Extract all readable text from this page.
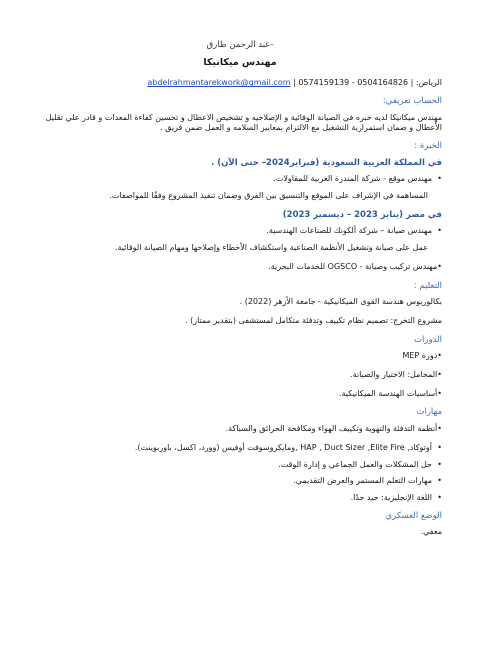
-عبد الرحمن طارق
مهندس ميكانيكا
الرياض: | 0504164826 - 0574159139 | abdelrahmantarekwork@gmail.com
الحساب تعريفي:
مهندس ميكانيكا لديه خبره في الصيانة الوقائية و الإصلاحيه و تشخيص الاعطال و تحسين كفاءة المعدات و قادر علي تقليل الأعطال و ضمان استمرارية التشغيل مع الالتزام بمعايير السلامه و العمل ضمن فريق .
الخبرة :
في المملكة العربية السعودية (فبراير2024– حتى الآن) .
•
مهندس موقع - شركة المندرة العربية للمقاولات.
المساهمة في الإشراف على الموقع والتنسيق بين الفرق وضمان تنفيذ المشروع وفقًا للمواصفات.
في مصر (يناير 2023 – ديسمبر 2023)
•
مهندس صيانة – شركة ألكونك للصناعات الهندسية.
عمل على صيانة وتشغيل الأنظمة الصناعية واستكشاف الأخطاء وإصلاحها ومهام الصيانة الوقائية.
•مهندس تركيب وصيانة - OGSCO للخدمات البحرية.
التعليم :
بكالوريوس هندسة القوى الميكانيكية - جامعة الأزهر (2022) .
مشروع التخرج: تصميم نظام تكييف وتدفئة متكامل لمستشفى (بتقدير ممتاز) .
الدورات
•دورة MEP
•المحامل: الاختيار والصيانة.
•أساسيات الهندسة الميكانيكية.
مهارات
•أنظمة التدفئة والتهوية وتكييف الهواء ومكافحة الحرائق والسباكة.
•
أوتوكاد, HAP , Duct Sizer ,Elite Fire ,ومايكروسوفت أوفيس (وورد، اكسل، باوربوينت).
•
حل المشكلات والعمل الجماعي و إدارة الوقت.
•
مهارات التعلم المستمر والعرض التقديمي.
•
اللغة الإنجليزية: جيد جدًا.
الوضع العسكري
معفي.
